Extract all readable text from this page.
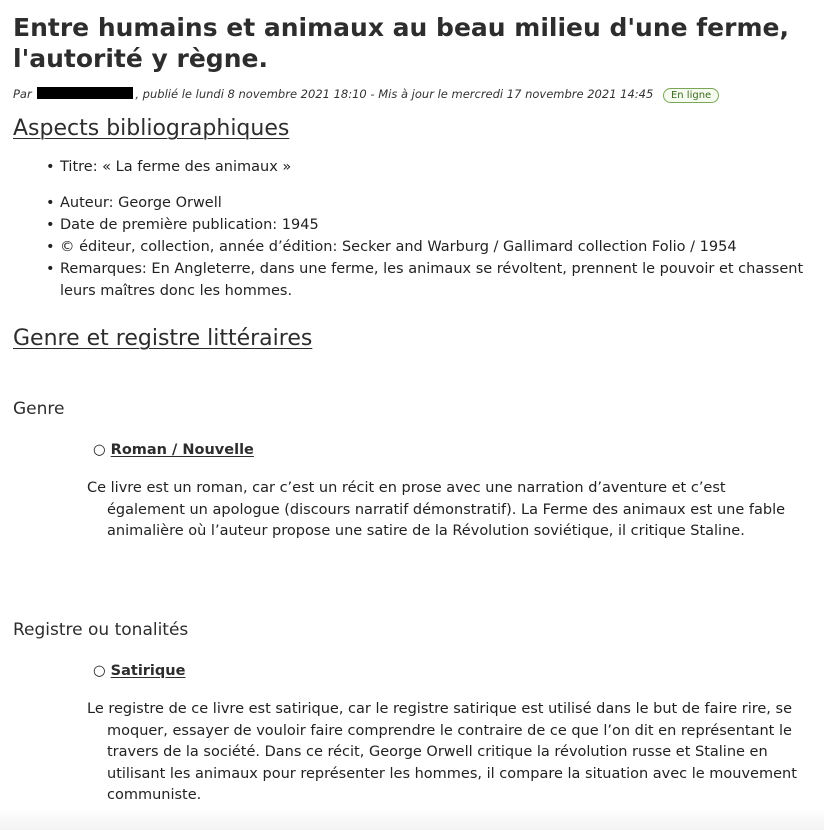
Entre humains et animaux au beau milieu d'une ferme, l'autorité y règne.
Par	, publié le lundi 8 novembre 2021 18:10 - Mis à jour le mercredi 17 novembre 2021 14:45 En ligne
Aspects bibliographiques
• Titre: « La ferme des animaux »
• Auteur: George Orwell
• Date de première publication: 1945
• © éditeur, collection, année d’édition: Secker and Warburg / Gallimard collection Folio / 1954
• Remarques: En Angleterre, dans une ferme, les animaux se révoltent, prennent le pouvoir et chassent leurs maîtres donc les hommes.
Genre et registre littéraires
Genre
○ Roman / Nouvelle

Ce livre est un roman, car c’est un récit en prose avec une narration d’aventure et c’est également un apologue (discours narratif démonstratif). La Ferme des animaux est une fable animalière où l’auteur propose une satire de la Révolution soviétique, il critique Staline.

Registre ou tonalités
○ Satirique

Le registre de ce livre est satirique, car le registre satirique est utilisé dans le but de faire rire, se moquer, essayer de vouloir faire comprendre le contraire de ce que l’on dit en représentant le travers de la société. Dans ce récit, George Orwell critique la révolution russe et Staline en utilisant les animaux pour représenter les hommes, il compare la situation avec le mouvement communiste.
